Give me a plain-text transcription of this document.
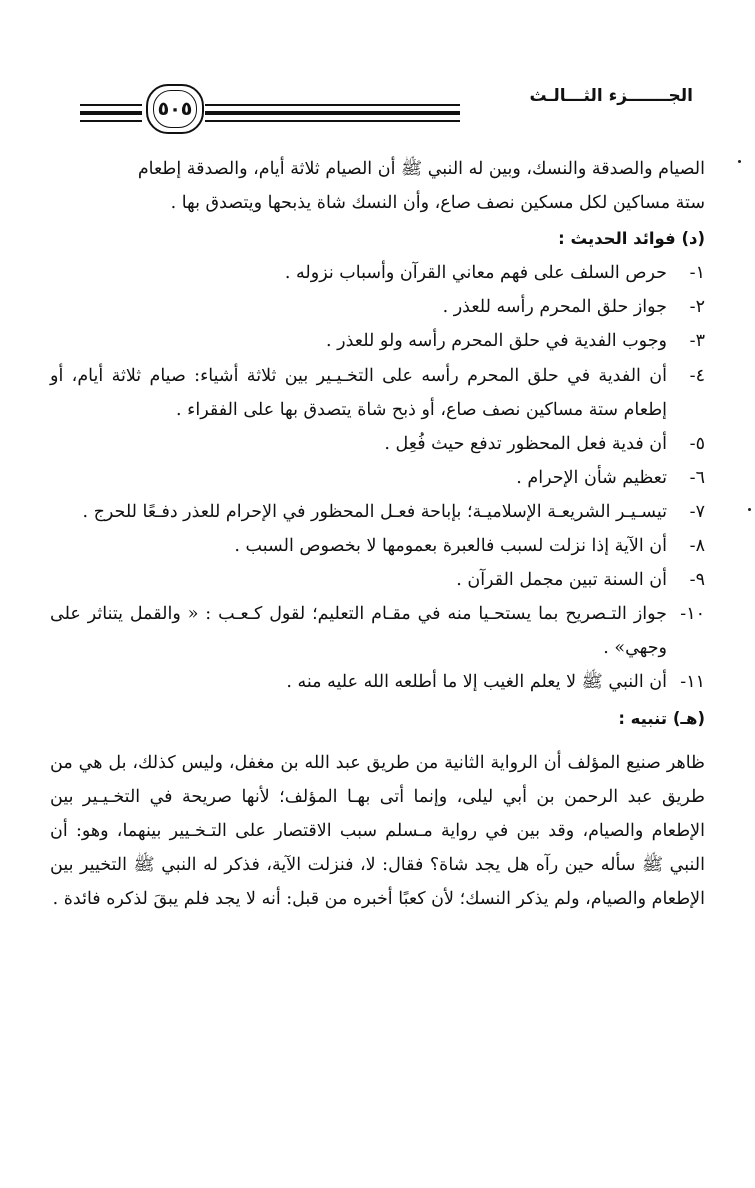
٥٠٥
الجـــــــزء الثـــالـث
الصيام والصدقة والنسك، وبين له النبي ﷺ أن الصيام ثلاثة أيام، والصدقة إطعام
ستة مساكين لكل مسكين نصف صاع، وأن النسك شاة يذبحها ويتصدق بها .
(د) فوائد الحديث :
١-
حرص السلف على فهم معاني القرآن وأسباب نزوله .
٢-
جواز حلق المحرم رأسه للعذر .
٣-
وجوب الفدية في حلق المحرم رأسه ولو للعذر .
٤-
أن الفدية في حلق المحرم رأسه على التخـيـير بين ثلاثة أشياء: صيام ثلاثة أيام، أو إطعام ستة مساكين نصف صاع، أو ذبح شاة يتصدق بها على الفقراء .
٥-
أن فدية فعل المحظور تدفع حيث فُعِل .
٦-
تعظيم شأن الإحرام .
٧-
تيسـيـر الشريعـة الإسلاميـة؛ بإباحة فعـل المحظور في الإحرام للعذر دفـعًا للحرج .
٨-
أن الآية إذا نزلت لسبب فالعبرة بعمومها لا بخصوص السبب .
٩-
أن السنة تبين مجمل القرآن .
١٠-
جواز التـصريح بما يستحـيا منه في مقـام التعليم؛ لقول كـعـب : « والقمل يتناثر على وجهي» .
١١-
أن النبي ﷺ لا يعلم الغيب إلا ما أطلعه الله عليه منه .
(هـ) تنبيه :

ظاهر صنيع المؤلف أن الرواية الثانية من طريق عبد الله بن مغفل، وليس كذلك، بل هي من طريق عبد الرحمن بن أبي ليلى، وإنما أتى بهـا المؤلف؛ لأنها صريحة في التخـيـير بين الإطعام والصيام، وقد بين في رواية مـسلم سبب الاقتصار على التـخـيير بينهما، وهو: أن النبي ﷺ سأله حين رآه هل يجد شاة؟ فقال: لا، فنزلت الآية، فذكر له النبي ﷺ التخيير بين الإطعام والصيام، ولم يذكر النسك؛ لأن كعبًا أخبره من قبل: أنه لا يجد فلم يبقَ لذكره فائدة .
